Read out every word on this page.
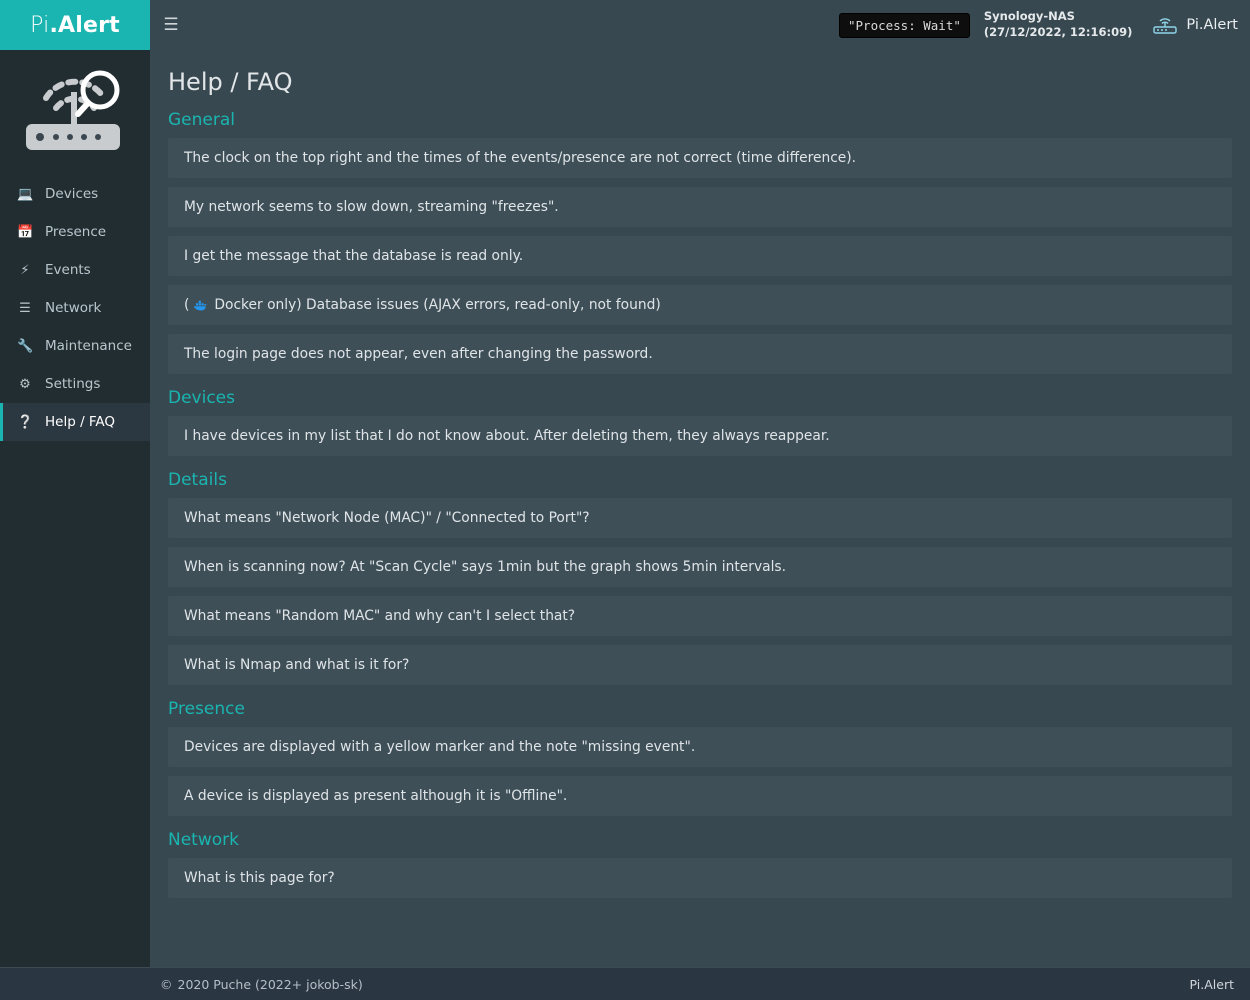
Pi .Alert	☰	"Process: Wait"
Synology-NAS
(27/12/2022, 12:16:09)	Pi.Alert
💻 Devices
📅 Presence
⚡ Events
☰ Network
🔧 Maintenance
⚙ Settings
❔ Help / FAQ
Help / FAQ
General
The clock on the top right and the times of the events/presence are not correct (time difference).
My network seems to slow down, streaming "freezes".
I get the message that the database is read only.
( Docker only) Database issues (AJAX errors, read-only, not found)
The login page does not appear, even after changing the password.
Devices
I have devices in my list that I do not know about. After deleting them, they always reappear.
Details
What means "Network Node (MAC)" / "Connected to Port"?
When is scanning now? At "Scan Cycle" says 1min but the graph shows 5min intervals.
What means "Random MAC" and why can't I select that?
What is Nmap and what is it for?
Presence
Devices are displayed with a yellow marker and the note "missing event".
A device is displayed as present although it is "Offline".
Network
What is this page for?
© 2020 Puche (2022+ jokob-sk)	Pi.Alert
